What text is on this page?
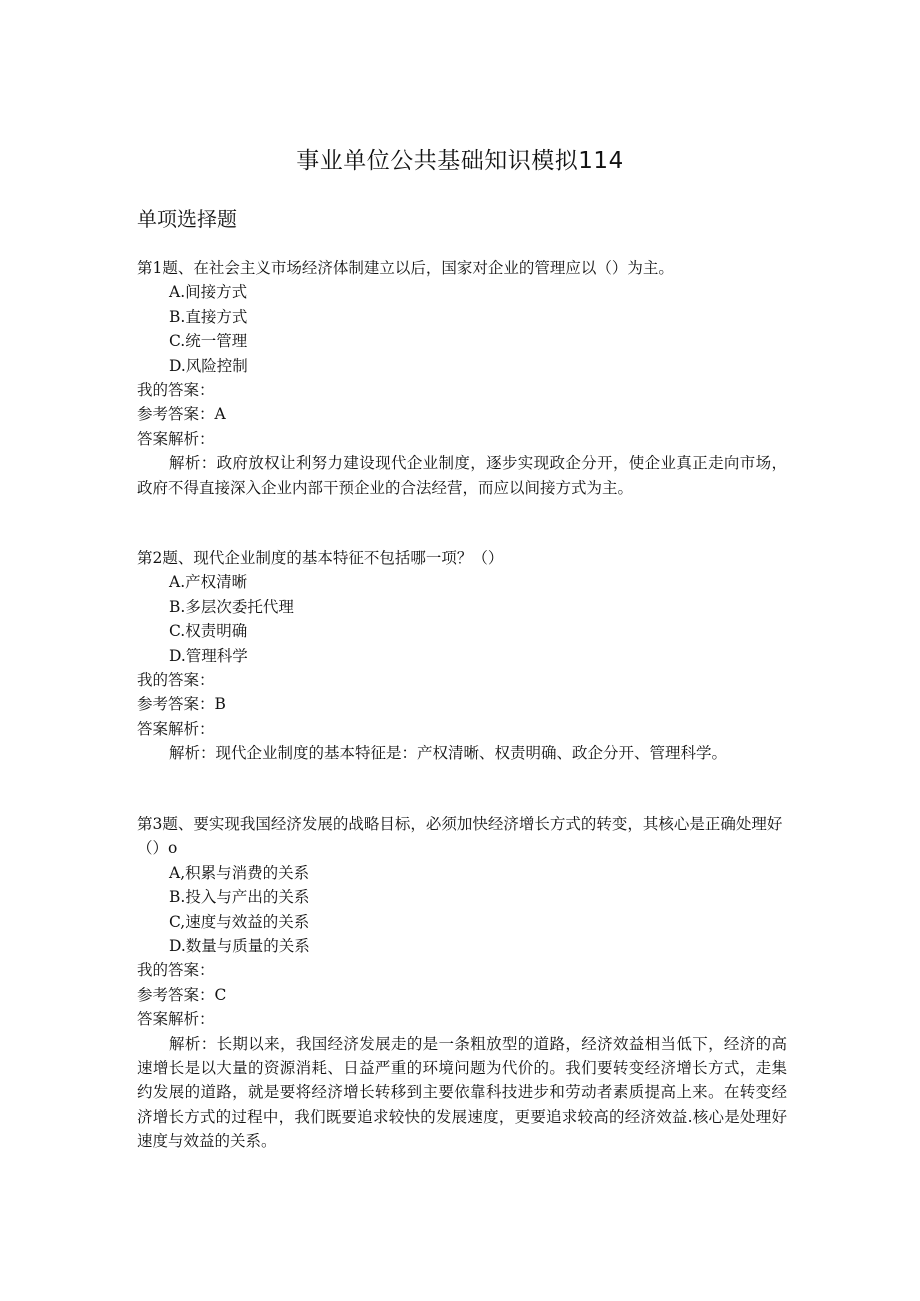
事业单位公共基础知识模拟114
单项选择题
第1题、在社会主义市场经济体制建立以后，国家对企业的管理应以（）为主。
A.间接方式
B.直接方式
C.统一管理
D.风险控制
我的答案：
参考答案：A
答案解析：
解析：政府放权让利努力建设现代企业制度，逐步实现政企分开，使企业真正走向市场，政府不得直接深入企业内部干预企业的合法经营，而应以间接方式为主。
第2题、现代企业制度的基本特征不包括哪一项？（）
A.产权清晰
B.多层次委托代理
C.权责明确
D.管理科学
我的答案：
参考答案：B
答案解析：
解析：现代企业制度的基本特征是：产权清晰、权责明确、政企分开、管理科学。
第3题、要实现我国经济发展的战略目标，必须加快经济增长方式的转变，其核心是正确处理好（）o
A,积累与消费的关系
B.投入与产出的关系
C,速度与效益的关系
D.数量与质量的关系
我的答案：
参考答案：C
答案解析：
解析：长期以来，我国经济发展走的是一条粗放型的道路，经济效益相当低下，经济的高速增长是以大量的资源消耗、日益严重的环境问题为代价的。我们要转变经济增长方式，走集约发展的道路，就是要将经济增长转移到主要依靠科技进步和劳动者素质提高上来。在转变经济增长方式的过程中，我们既要追求较快的发展速度，更要追求较高的经济效益.核心是处理好速度与效益的关系。
